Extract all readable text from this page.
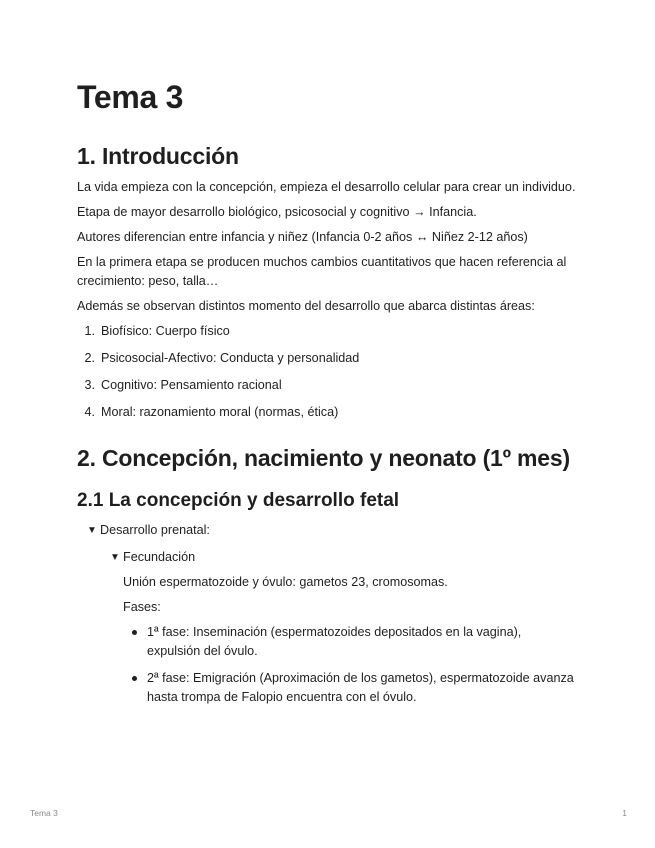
Tema 3
1. Introducción

La vida empieza con la concepción, empieza el desarrollo celular para crear un individuo.

Etapa de mayor desarrollo biológico, psicosocial y cognitivo → Infancia.

Autores diferencian entre infancia y niñez (Infancia 0-2 años ↔ Niñez 2-12 años)

En la primera etapa se producen muchos cambios cuantitativos que hacen referencia al crecimiento: peso, talla…

Además se observan distintos momento del desarrollo que abarca distintas áreas:

1. Biofísico: Cuerpo físico
2. Psicosocial-Afectivo: Conducta y personalidad
3. Cognitivo: Pensamiento racional
4. Moral: razonamiento moral (normas, ética)
2. Concepción, nacimiento y neonato (1º mes)
2.1 La concepción y desarrollo fetal
▼ Desarrollo prenatal:
▼ Fecundación

Unión espermatozoide y óvulo: gametos 23, cromosomas.

Fases:

1ª fase: Inseminación (espermatozoides depositados en la vagina), expulsión del óvulo.
2ª fase: Emigración (Aproximación de los gametos), espermatozoide avanza hasta trompa de Falopio encuentra con el óvulo.
Tema 3	1
